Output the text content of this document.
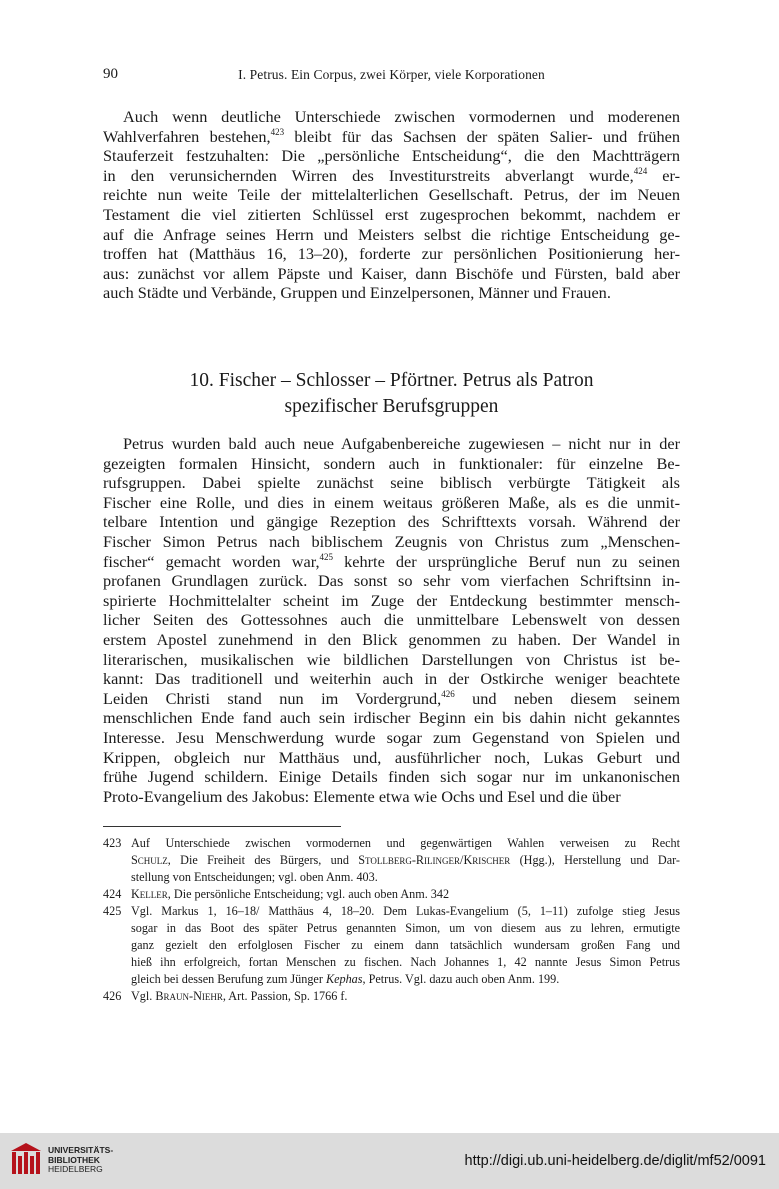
90	I. Petrus. Ein Corpus, zwei Körper, viele Korporationen
Auch wenn deutliche Unterschiede zwischen vormodernen und moderenen
Wahlverfahren bestehen,$^{423}$ bleibt für das Sachsen der späten Salier- und frühen
Stauferzeit festzuhalten: Die „persönliche Entscheidung“, die den Machtträgern
in den verunsichernden Wirren des Investiturstreits abverlangt wurde,$^{424}$ er-
reichte nun weite Teile der mittelalterlichen Gesellschaft. Petrus, der im Neuen
Testament die viel zitierten Schlüssel erst zugesprochen bekommt, nachdem er
auf die Anfrage seines Herrn und Meisters selbst die richtige Entscheidung ge-
troffen hat (Matthäus 16, 13–20), forderte zur persönlichen Positionierung her-
aus: zunächst vor allem Päpste und Kaiser, dann Bischöfe und Fürsten, bald aber
auch Städte und Verbände, Gruppen und Einzelpersonen, Männer und Frauen.
10. Fischer – Schlosser – Pförtner. Petrus als Patron
spezifischer Berufsgruppen
Petrus wurden bald auch neue Aufgabenbereiche zugewiesen – nicht nur in der
gezeigten formalen Hinsicht, sondern auch in funktionaler: für einzelne Be-
rufsgruppen. Dabei spielte zunächst seine biblisch verbürgte Tätigkeit als
Fischer eine Rolle, und dies in einem weitaus größeren Maße, als es die unmit-
telbare Intention und gängige Rezeption des Schrifttexts vorsah. Während der
Fischer Simon Petrus nach biblischem Zeugnis von Christus zum „Menschen-
fischer“ gemacht worden war,$^{425}$ kehrte der ursprüngliche Beruf nun zu seinen
profanen Grundlagen zurück. Das sonst so sehr vom vierfachen Schriftsinn in-
spirierte Hochmittelalter scheint im Zuge der Entdeckung bestimmter mensch-
licher Seiten des Gottessohnes auch die unmittelbare Lebenswelt von dessen
erstem Apostel zunehmend in den Blick genommen zu haben. Der Wandel in
literarischen, musikalischen wie bildlichen Darstellungen von Christus ist be-
kannt: Das traditionell und weiterhin auch in der Ostkirche weniger beachtete
Leiden Christi stand nun im Vordergrund,$^{426}$ und neben diesem seinem
menschlichen Ende fand auch sein irdischer Beginn ein bis dahin nicht gekanntes
Interesse. Jesu Menschwerdung wurde sogar zum Gegenstand von Spielen und
Krippen, obgleich nur Matthäus und, ausführlicher noch, Lukas Geburt und
frühe Jugend schildern. Einige Details finden sich sogar nur im unkanonischen
Proto-Evangelium des Jakobus: Elemente etwa wie Ochs und Esel und die über
423 Auf Unterschiede zwischen vormodernen und gegenwärtigen Wahlen verweisen zu Recht
Schulz, Die Freiheit des Bürgers, und Stollberg-Rilinger/Krischer (Hgg.), Herstellung und Dar-
stellung von Entscheidungen; vgl. oben Anm. 403.
424 Keller, Die persönliche Entscheidung; vgl. auch oben Anm. 342
425 Vgl. Markus 1, 16–18/ Matthäus 4, 18–20. Dem Lukas-Evangelium (5, 1–11) zufolge stieg Jesus
sogar in das Boot des später Petrus genannten Simon, um von diesem aus zu lehren, ermutigte
ganz gezielt den erfolglosen Fischer zu einem dann tatsächlich wundersam großen Fang und
hieß ihn erfolgreich, fortan Menschen zu fischen. Nach Johannes 1, 42 nannte Jesus Simon Petrus
gleich bei dessen Berufung zum Jünger Kephas, Petrus. Vgl. dazu auch oben Anm. 199.
426 Vgl. Braun-Niehr, Art. Passion, Sp. 1766 f.
UNIVERSITÄTS-
BIBLIOTHEK
HEIDELBERG	http://digi.ub.uni-heidelberg.de/diglit/mf52/0091
